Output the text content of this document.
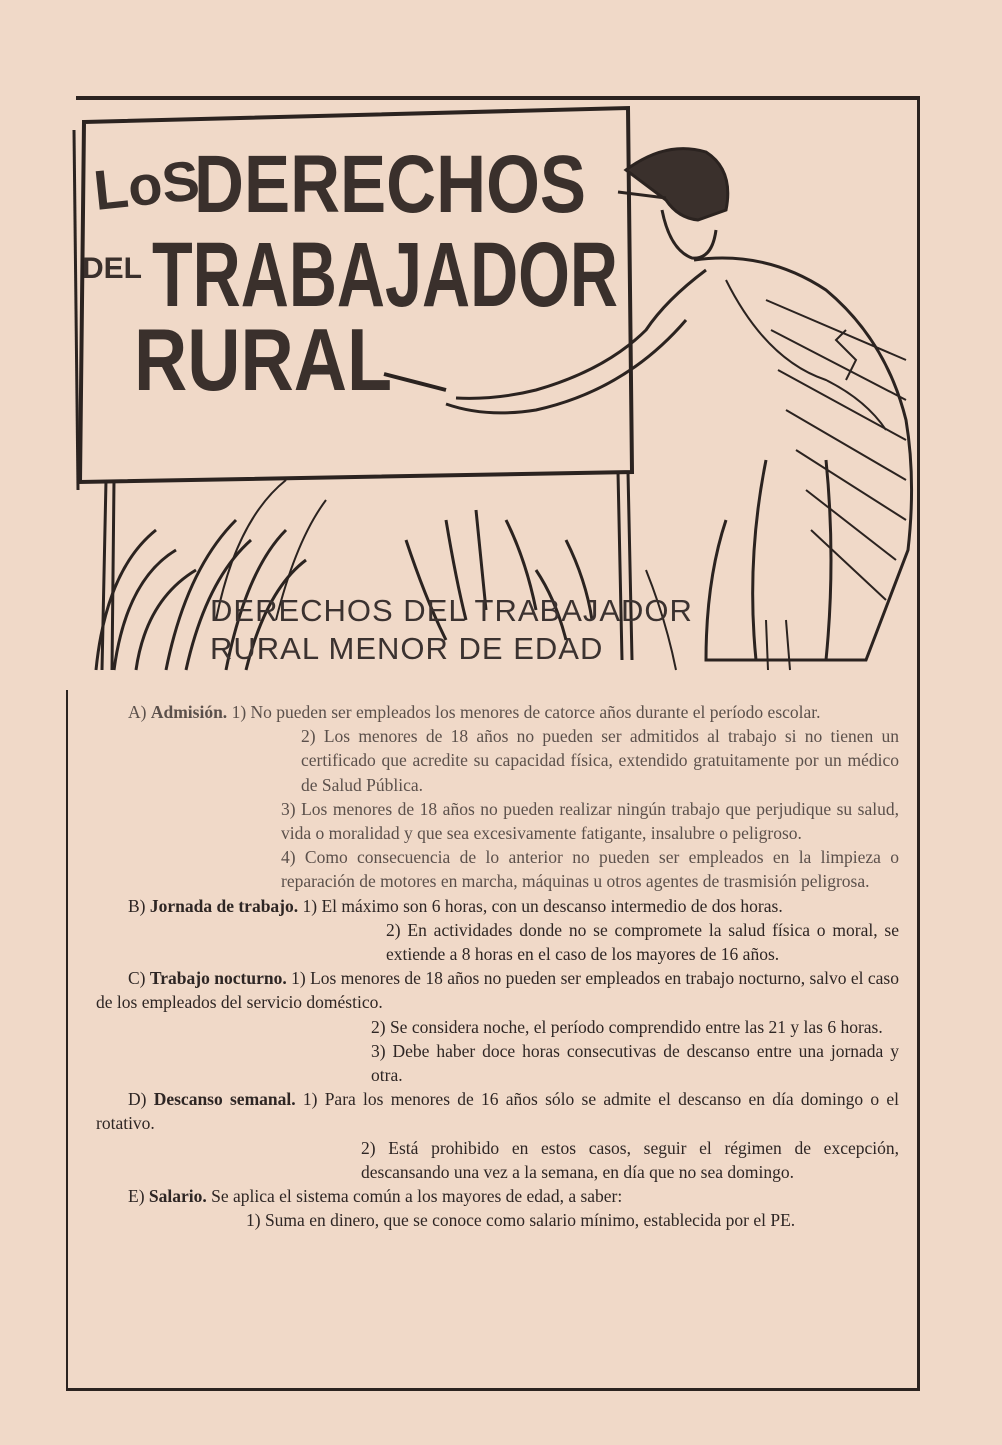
LoS
DERECHOS
DEL TRABAJADOR
RURAL
DERECHOS DEL TRABAJADOR
RURAL MENOR DE EDAD

A) Admisión. 1) No pueden ser empleados los menores de catorce años durante el período escolar.

2) Los menores de 18 años no pueden ser admitidos al trabajo si no tienen un certificado que acredite su capacidad física, extendido gratuitamente por un médico de Salud Pública.

3) Los menores de 18 años no pueden realizar ningún trabajo que perjudique su salud, vida o moralidad y que sea excesivamente fatigante, insalubre o peligroso.

4) Como consecuencia de lo anterior no pueden ser empleados en la limpieza o reparación de motores en marcha, máquinas u otros agentes de trasmisión peligrosa.

B) Jornada de trabajo. 1) El máximo son 6 horas, con un descanso intermedio de dos horas.

2) En actividades donde no se compromete la salud física o moral, se extiende a 8 horas en el caso de los mayores de 16 años.

C) Trabajo nocturno. 1) Los menores de 18 años no pueden ser empleados en trabajo nocturno, salvo el caso de los empleados del servicio doméstico.

2) Se considera noche, el período comprendido entre las 21 y las 6 horas.

3) Debe haber doce horas consecutivas de descanso entre una jornada y otra.

D) Descanso semanal. 1) Para los menores de 16 años sólo se admite el descanso en día domingo o el rotativo.

2) Está prohibido en estos casos, seguir el régimen de excepción, descansando una vez a la semana, en día que no sea domingo.

E) Salario. Se aplica el sistema común a los mayores de edad, a saber:

1) Suma en dinero, que se conoce como salario mínimo, establecida por el PE.
